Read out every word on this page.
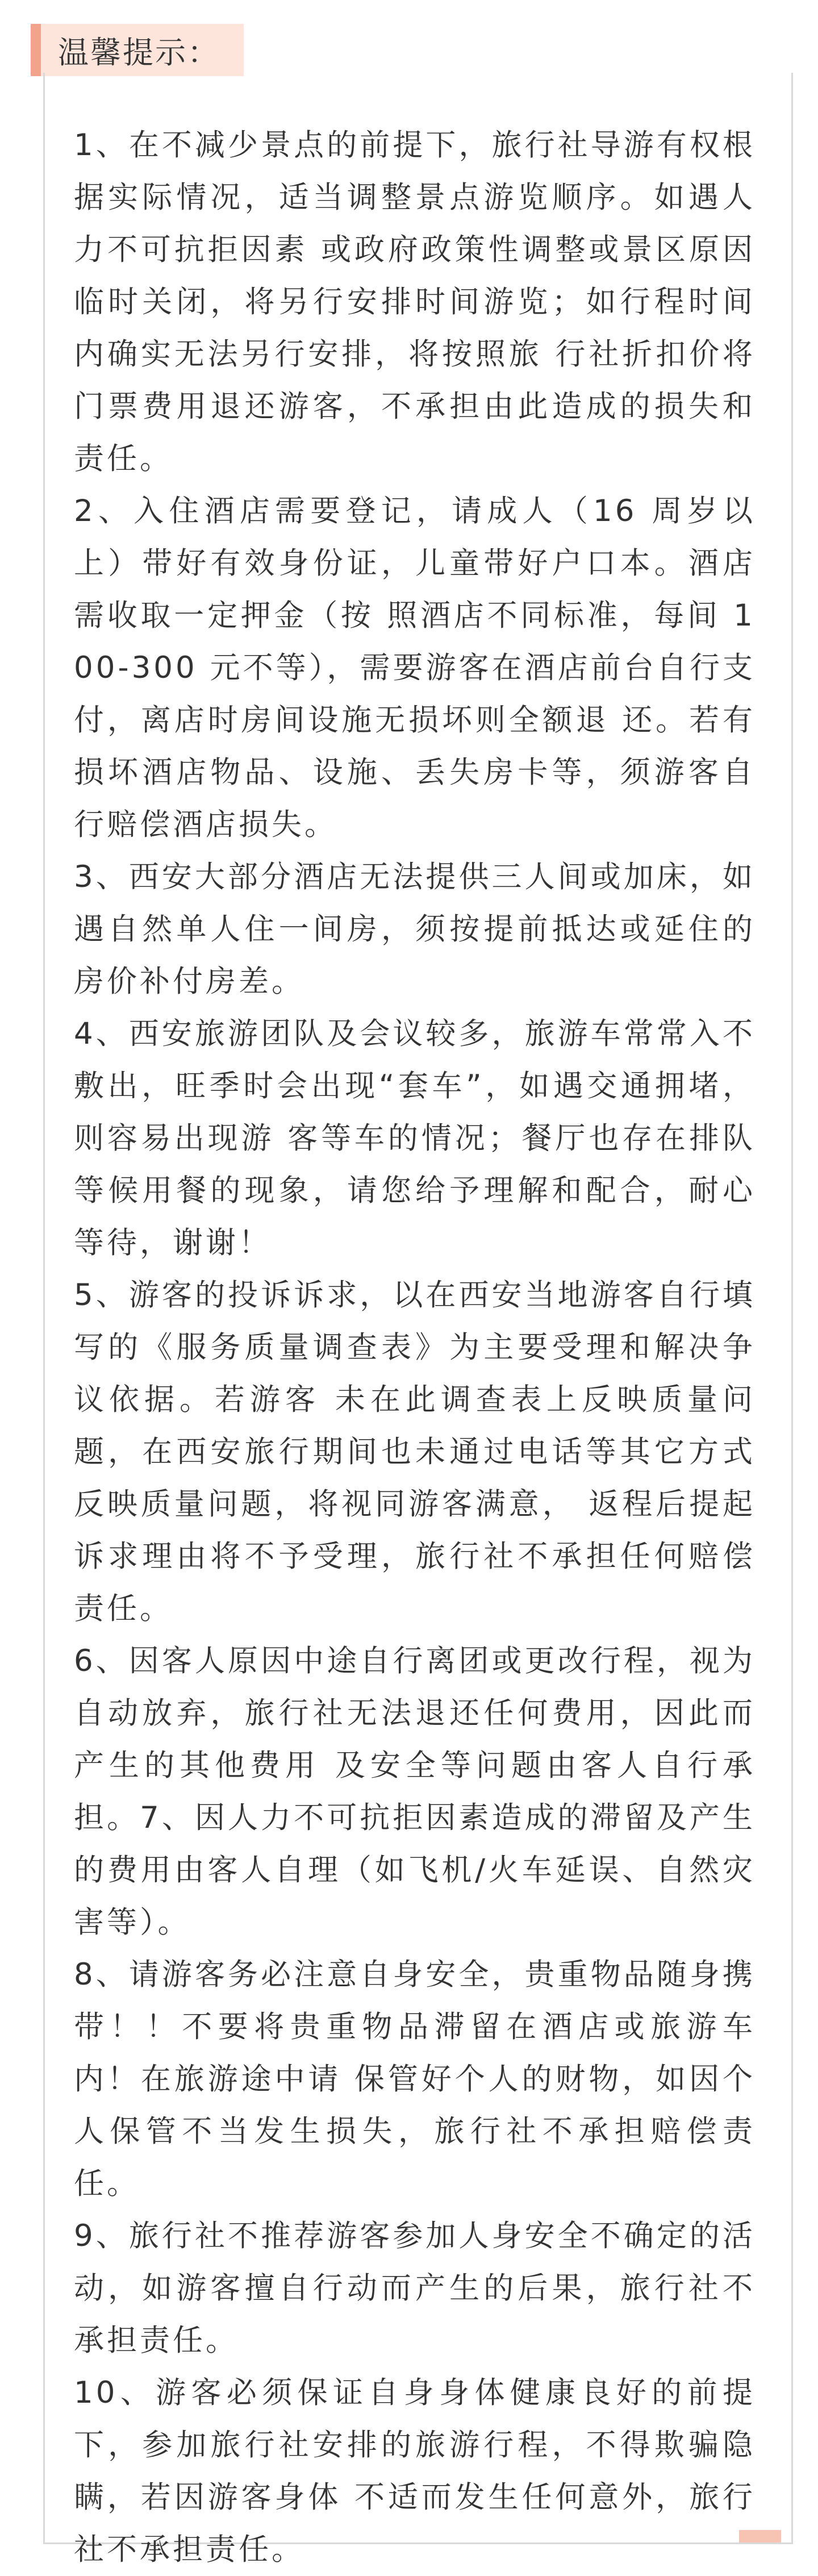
温馨提示：

1、在不减少景点的前提下，旅行社导游有权根据实际情况，适当调整景点游览顺序。如遇人力不可抗拒因素 或政府政策性调整或景区原因临时关闭，将另行安排时间游览；如行程时间内确实无法另行安排，将按照旅 行社折扣价将门票费用退还游客，不承担由此造成的损失和责任。

2、入住酒店需要登记，请成人（16 周岁以上）带好有效身份证，儿童带好户口本。酒店需收取一定押金（按 照酒店不同标准，每间 100-300 元不等），需要游客在酒店前台自行支付，离店时房间设施无损坏则全额退 还。若有损坏酒店物品、设施、丢失房卡等，须游客自行赔偿酒店损失。

3、西安大部分酒店无法提供三人间或加床，如遇自然单人住一间房，须按提前抵达或延住的房价补付房差。

4、西安旅游团队及会议较多，旅游车常常入不敷出，旺季时会出现“套车”，如遇交通拥堵，则容易出现游 客等车的情况；餐厅也存在排队等候用餐的现象，请您给予理解和配合，耐心等待，谢谢！

5、游客的投诉诉求，以在西安当地游客自行填写的《服务质量调查表》为主要受理和解决争议依据。若游客 未在此调查表上反映质量问题，在西安旅行期间也未通过电话等其它方式反映质量问题，将视同游客满意， 返程后提起诉求理由将不予受理，旅行社不承担任何赔偿责任。

6、因客人原因中途自行离团或更改行程，视为自动放弃，旅行社无法退还任何费用，因此而产生的其他费用 及安全等问题由客人自行承担。7、因人力不可抗拒因素造成的滞留及产生的费用由客人自理（如飞机/火车延误、自然灾害等）。

8、请游客务必注意自身安全，贵重物品随身携带！！不要将贵重物品滞留在酒店或旅游车内！在旅游途中请 保管好个人的财物，如因个人保管不当发生损失，旅行社不承担赔偿责任。

9、旅行社不推荐游客参加人身安全不确定的活动，如游客擅自行动而产生的后果，旅行社不承担责任。

10、游客必须保证自身身体健康良好的前提下，参加旅行社安排的旅游行程，不得欺骗隐瞒，若因游客身体 不适而发生任何意外，旅行社不承担责任。
